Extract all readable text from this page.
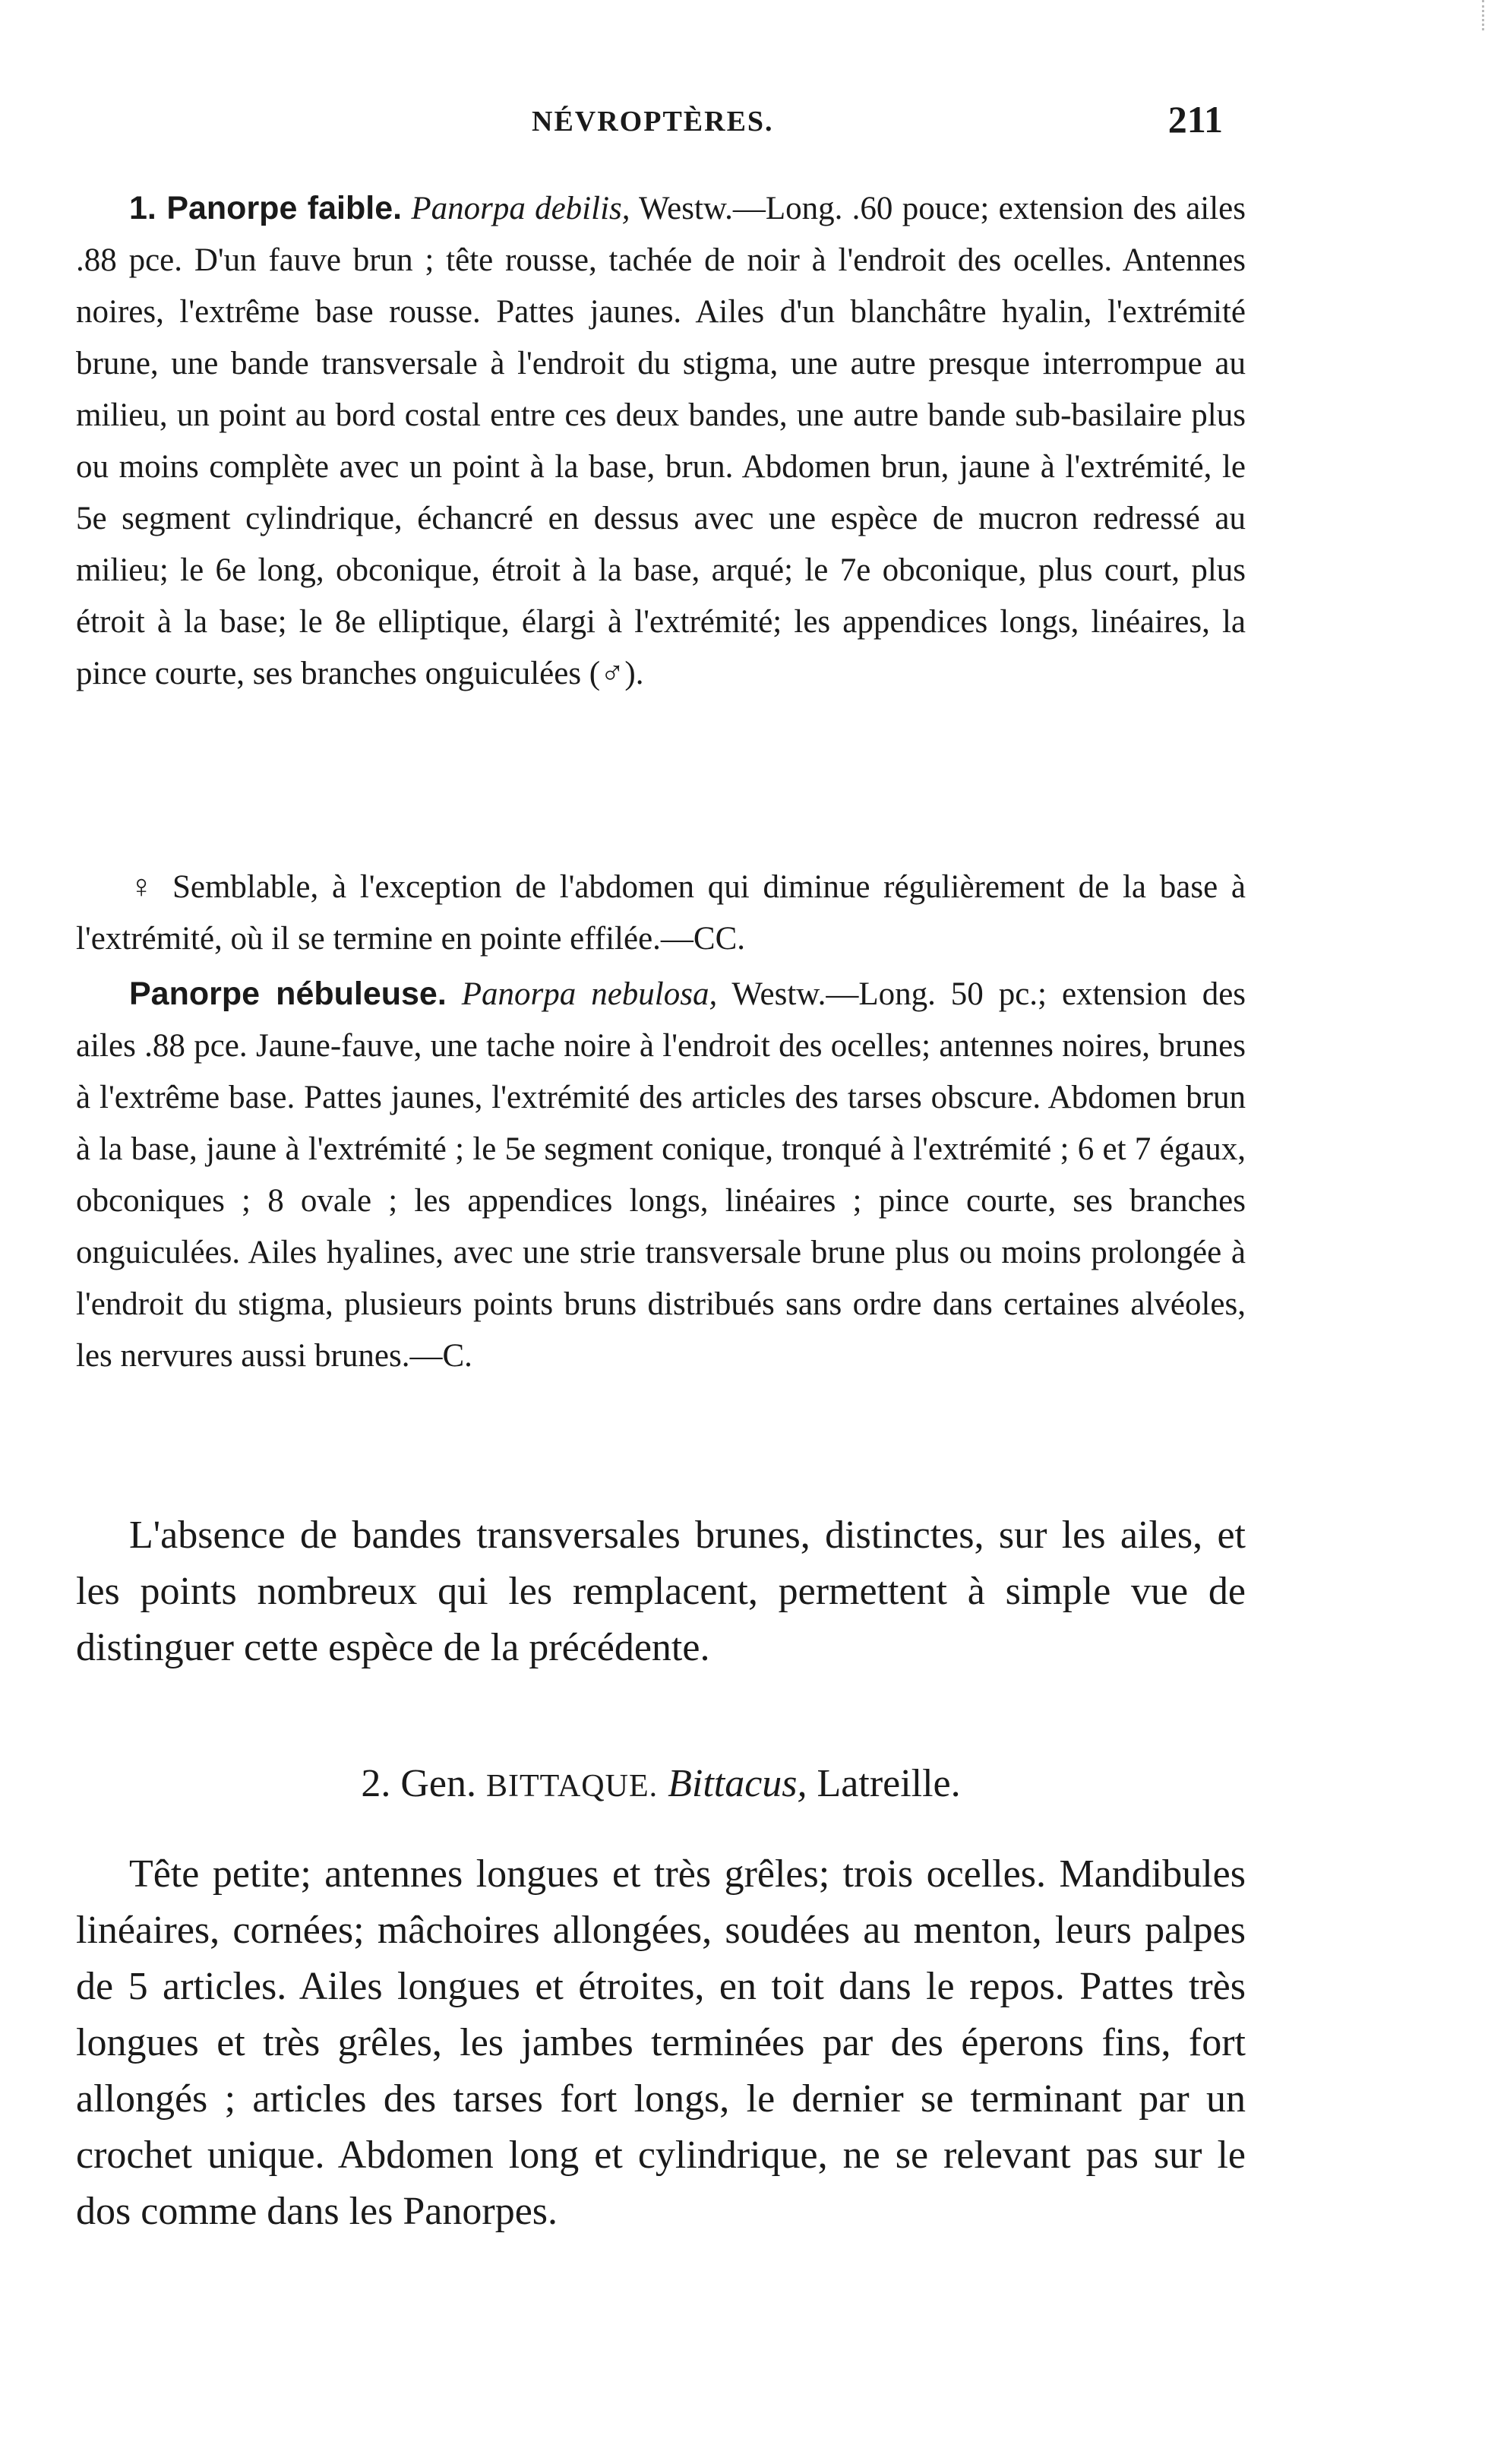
NÉVROPTÈRES.	211
1. Panorpe faible. Panorpa debilis, Westw.—Long. .60 pouce; extension des ailes .88 pce. D'un fauve brun ; tête rousse, tachée de noir à l'endroit des ocelles. Antennes noires, l'extrême base rousse. Pattes jaunes. Ailes d'un blanchâtre hyalin, l'extrémité brune, une bande transversale à l'endroit du stigma, une autre presque interrompue au milieu, un point au bord costal entre ces deux bandes, une autre bande sub-basilaire plus ou moins complète avec un point à la base, brun. Abdomen brun, jaune à l'extrémité, le 5e segment cylindrique, échancré en dessus avec une espèce de mucron redressé au milieu; le 6e long, obconique, étroit à la base, arqué; le 7e obconique, plus court, plus étroit à la base; le 8e elliptique, élargi à l'extrémité; les appendices longs, linéaires, la pince courte, ses branches onguiculées (♂).
♀ Semblable, à l'exception de l'abdomen qui diminue régulièrement de la base à l'extrémité, où il se termine en pointe effilée.—CC.
Panorpe nébuleuse. Panorpa nebulosa, Westw.—Long. 50 pc.; extension des ailes .88 pce. Jaune-fauve, une tache noire à l'endroit des ocelles; antennes noires, brunes à l'extrême base. Pattes jaunes, l'extrémité des articles des tarses obscure. Abdomen brun à la base, jaune à l'extrémité ; le 5e segment conique, tronqué à l'extrémité ; 6 et 7 égaux, obconiques ; 8 ovale ; les appendices longs, linéaires ; pince courte, ses branches onguiculées. Ailes hyalines, avec une strie transversale brune plus ou moins prolongée à l'endroit du stigma, plusieurs points bruns distribués sans ordre dans certaines alvéoles, les nervures aussi brunes.—C.
L'absence de bandes transversales brunes, distinctes, sur les ailes, et les points nombreux qui les remplacent, permettent à simple vue de distinguer cette espèce de la précédente.
2. Gen. BITTAQUE. Bittacus, Latreille.
Tête petite; antennes longues et très grêles; trois ocelles. Mandibules linéaires, cornées; mâchoires allongées, soudées au menton, leurs palpes de 5 articles. Ailes longues et étroites, en toit dans le repos. Pattes très longues et très grêles, les jambes terminées par des éperons fins, fort allongés ; articles des tarses fort longs, le dernier se terminant par un crochet unique. Abdomen long et cylindrique, ne se relevant pas sur le dos comme dans les Panorpes.
